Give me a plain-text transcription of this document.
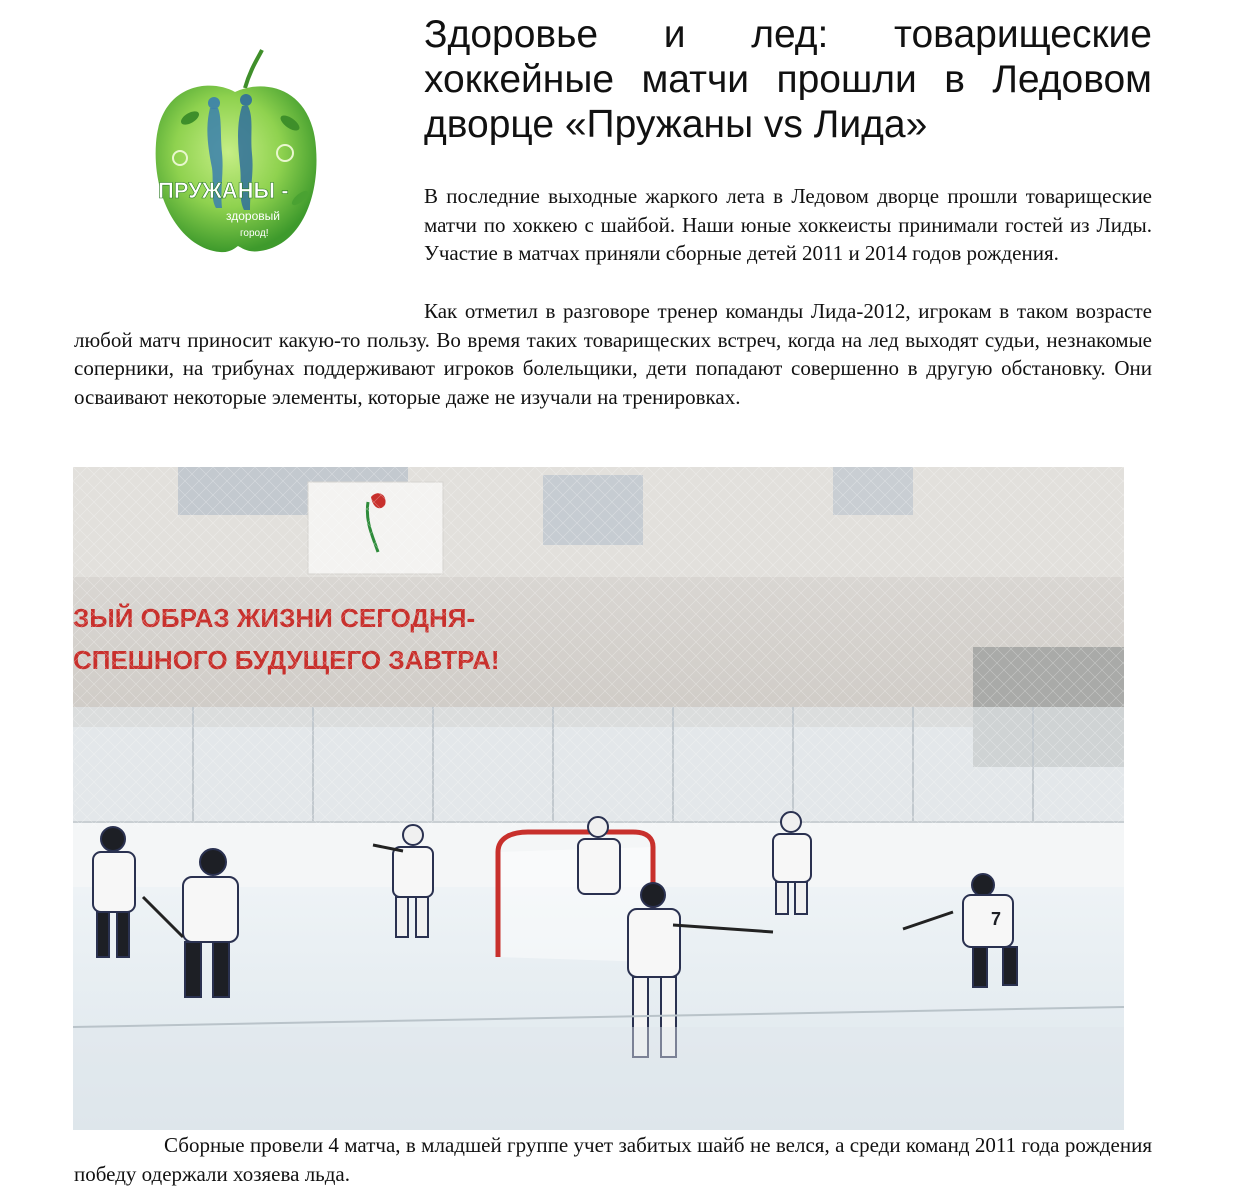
ПРУЖАНЫ -
здоровый
город!
Здоровье и лед: товарищеские хоккейные матчи прошли в Ледовом дворце «Пружаны vs Лида»

В последние выходные жаркого лета в Ледовом дворце прошли товарищеские матчи по хоккею с шайбой. Наши юные хоккеисты принимали гостей из Лиды. Участие в матчах приняли сборные детей 2011 и 2014 годов рождения.

Как отметил в разговоре тренер команды Лида-2012, игрокам в таком возрасте любой матч приносит какую-то пользу. Во время таких товарищеских встреч, когда на лед выходят судьи, незнакомые соперники, на трибунах поддерживают игроков болельщики, дети попадают совершенно в другую обстановку. Они осваивают некоторые элементы, которые даже не изучали на тренировках.

7

Сборные провели 4 матча, в младшей группе учет забитых шайб не велся, а среди команд 2011 года рождения победу одержали хозяева льда.
